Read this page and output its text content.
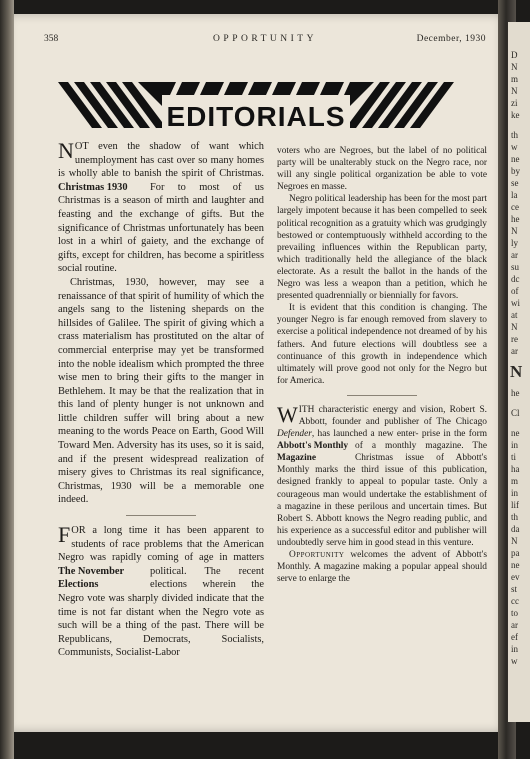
358	OPPORTUNITY	December, 1930
EDITORIALS

NOT even the shadow of want which unemployment has cast over so many homes is wholly able to banish the spirit of Christmas. For to
Christmas 1930	most of us Christmas is a season of mirth and laughter and feasting and the exchange of gifts. But the significance of Christmas unfortunately has been lost in a whirl of gaiety, and the exchange of gifts, except for children, has become a spiritless social routine.

Christmas, 1930, however, may see a renaissance of that spirit of humility of which the angels sang to the listening shepards on the hillsides of Galilee. The spirit of giving which a crass materialism has prostituted on the altar of commercial enterprise may yet be transformed into the noble idealism which prompted the three wise men to bring their gifts to the manger in Bethlehem. It may be that the realization that in this land of plenty hunger is not unknown and little children suffer will bring about a new meaning to the words Peace on Earth, Good Will Toward Men. Adversity has its uses, so it is said, and if the present widespread realization of misery gives to Christmas its real significance, Christmas, 1930 will be a memorable one indeed.

FOR a long time it has been apparent to students of race problems that the American Negro was rapidly coming of age in matters political. The
The November Elections
recent elections wherein the Negro vote was sharply divided indicate that the time is not far distant when the Negro vote as such will be a thing of the past. There will be Republicans, Democrats, Socialists, Communists, Socialist-Labor

voters who are Negroes, but the label of no political party will be unalterably stuck on the Negro race, nor will any single political organization be able to vote Negroes en masse.

Negro political leadership has been for the most part largely impotent because it has been compelled to seek political recognition as a gratuity which was grudgingly bestowed or contemptuously withheld according to the prevailing influences within the Republican party, which traditionally held the allegiance of the black electorate. As a result the ballot in the hands of the Negro was less a weapon than a petition, which he presented quadrennially or biennially for favors.

It is evident that this condition is changing. The younger Negro is far enough removed from slavery to exercise a political independence not dreamed of by his fathers. And future elections will doubtless see a continuance of this growth in independence which ultimately will prove good not only for the Negro but for America.

WITH characteristic energy and vision, Robert S. Abbott, founder and publisher of The Chicago Defender, has launched a new enter-
Abbott's Monthly Magazine
prise in the form of a monthly magazine. The Christmas issue of Abbott's Monthly marks the third issue of this publication, designed frankly to appeal to popular taste. Only a courageous man would undertake the establishment of a magazine in these perilous and uncertain times. But Robert S. Abbott knows the Negro reading public, and his experience as a successful editor and publisher will undoubtedly serve him in good stead in this venture.

Opportunity welcomes the advent of Abbott's Monthly. A magazine making a popular appeal should serve to enlarge the

D
N
m
N
zi
ke
th
w
ne
by
se
la
ce
he
N
ly
ar
su
dc
of
wi
at
N
re
ar
N
he
Cl
ne
in
ti
ha
m
in
lif
th
da
N
pa
ne
ev
st
cc
to
ar
ef
in
w
